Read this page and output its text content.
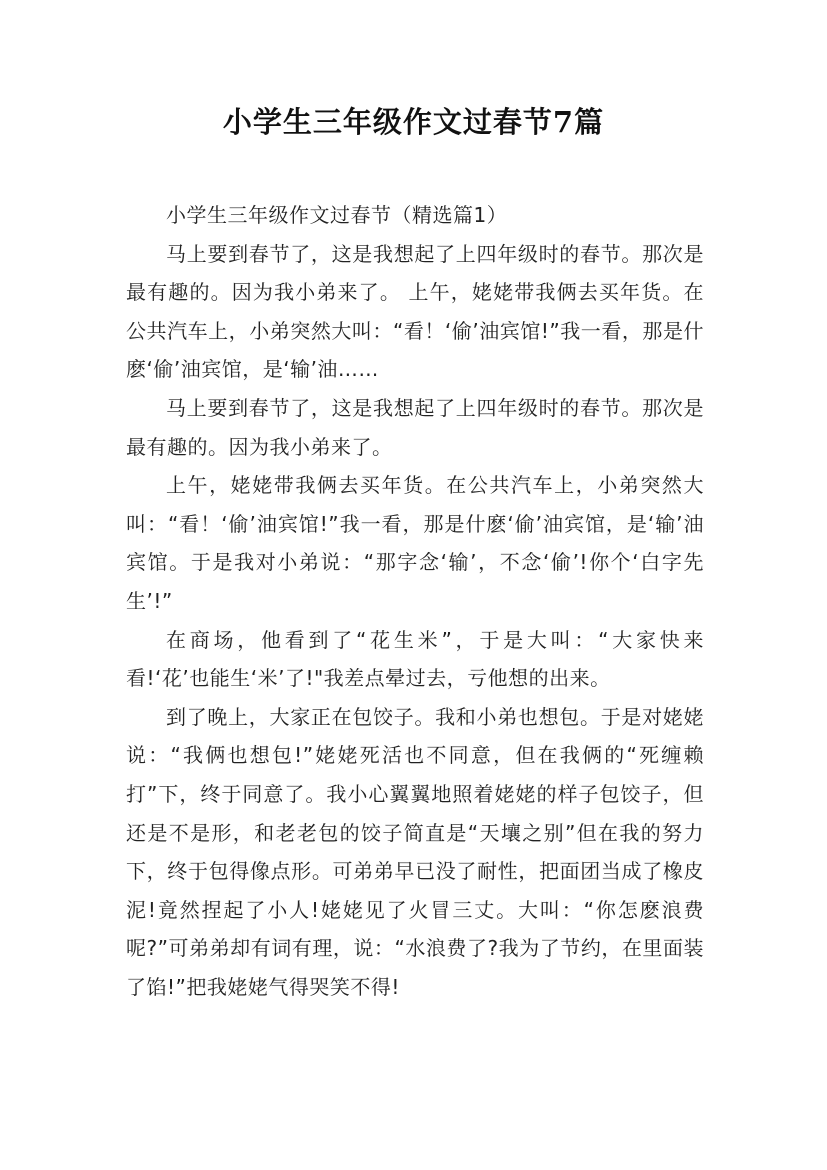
小学生三年级作文过春节7篇

小学生三年级作文过春节（精选篇1）

马上要到春节了，这是我想起了上四年级时的春节。那次是最有趣的。因为我小弟来了。 上午，姥姥带我俩去买年货。在公共汽车上，小弟突然大叫：“看！‘偷’油宾馆!”我一看，那是什麽‘偷’油宾馆，是‘输’油……

马上要到春节了，这是我想起了上四年级时的春节。那次是最有趣的。因为我小弟来了。

上午，姥姥带我俩去买年货。在公共汽车上，小弟突然大叫：“看！‘偷’油宾馆!”我一看，那是什麽‘偷’油宾馆，是‘输’油宾馆。于是我对小弟说：“那字念‘输’，不念‘偷’!你个‘白字先生’!”

在商场，他看到了“花生米”，于是大叫：“大家快来看!‘花’也能生‘米’了!"我差点晕过去，亏他想的出来。

到了晚上，大家正在包饺子。我和小弟也想包。于是对姥姥说：“我俩也想包!”姥姥死活也不同意，但在我俩的“死缠赖打”下，终于同意了。我小心翼翼地照着姥姥的样子包饺子，但还是不是形，和老老包的饺子简直是“天壤之别”但在我的努力下，终于包得像点形。可弟弟早已没了耐性，把面团当成了橡皮泥!竟然捏起了小人!姥姥见了火冒三丈。大叫：“你怎麽浪费呢?”可弟弟却有词有理，说：“水浪费了?我为了节约，在里面装了馅!”把我姥姥气得哭笑不得!
